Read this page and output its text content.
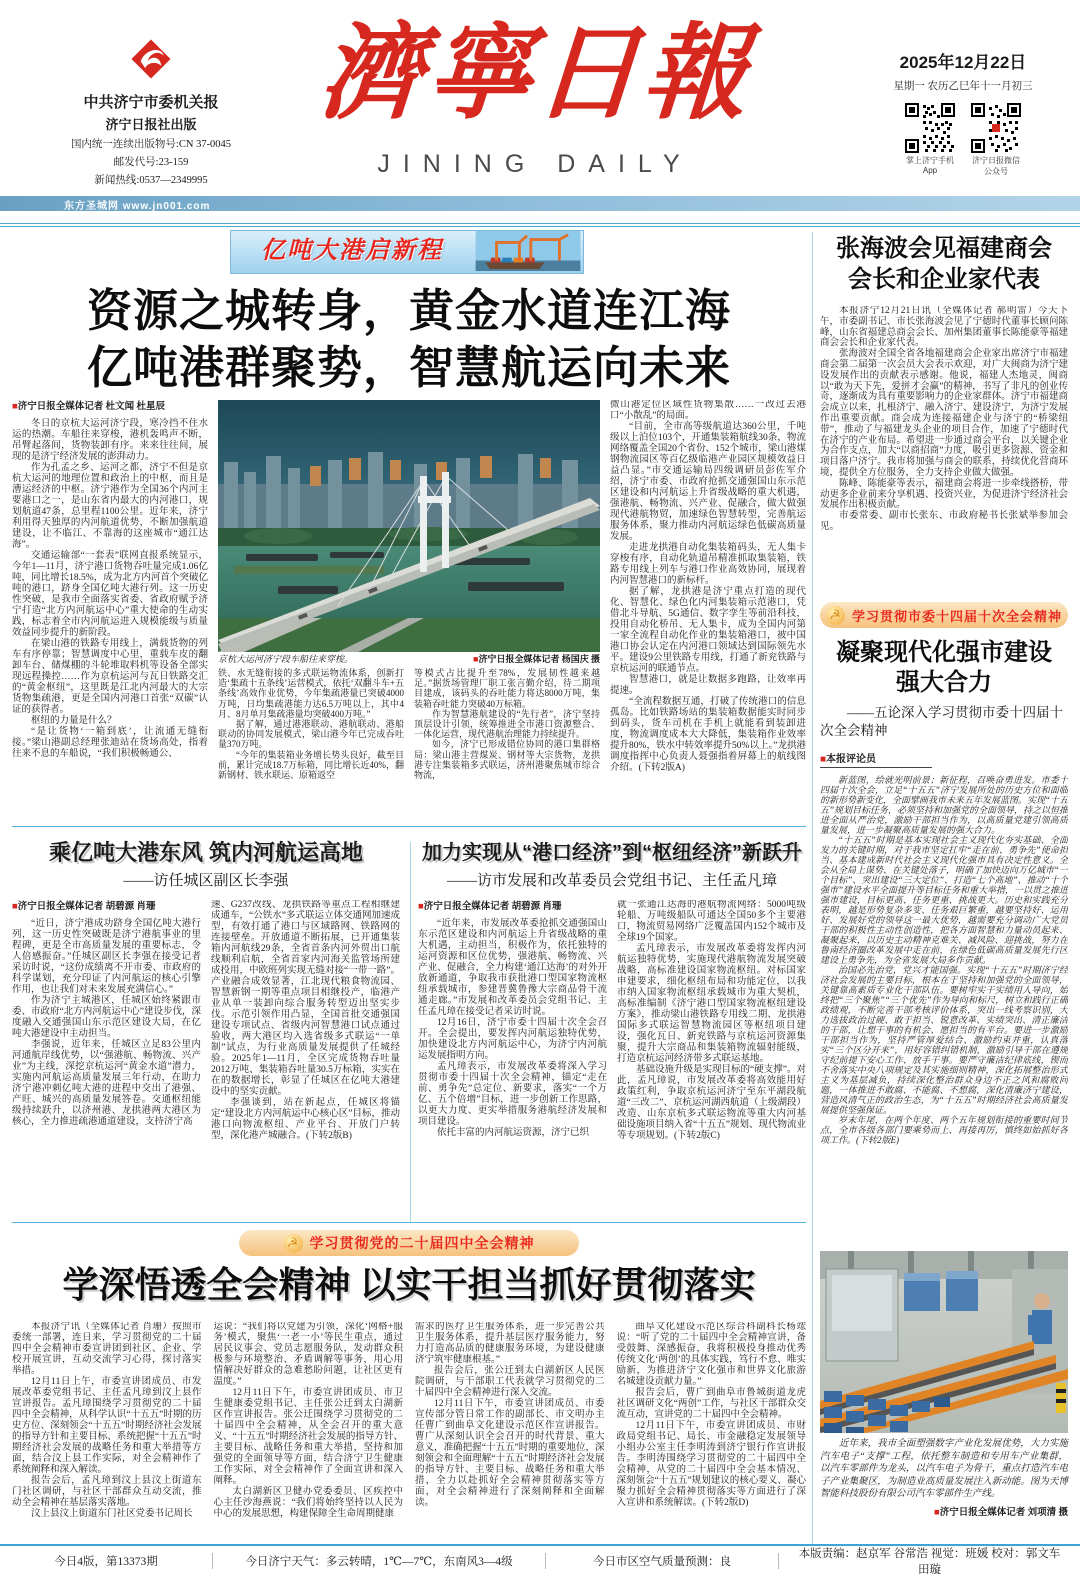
中共济宁市委机关报
济宁日报社出版
国内统一连续出版物号:CN 37-0045
邮发代号:23-159
新闻热线:0537—2349995
濟寧日報
JINING DAILY
2025年12月22日
星期一 农历乙巳年十一月初三
掌上济宁手机App
济宁日报微信公众号
东方圣城网 www.jn001.com
亿吨大港启新程
资源之城转身，黄金水道连江海
亿吨港群聚势，智慧航运向未来
■济宁日报全媒体记者 杜文闻 杜星辰

冬日的京杭大运河济宁段，寒冷挡不住水运的热潮。车船往来穿梭，港机轰鸣声不断，吊臂起落间，货物装卸有序。来来往往间，展现的是济宁经济发展的澎湃动力。

作为孔孟之乡、运河之都，济宁不但是京杭大运河的地理位置和政治上的中枢，而且是漕运经济的中枢。济宁港作为全国36个内河主要港口之一，是山东省内最大的内河港口，规划航道47条，总里程1100公里。近年来，济宁利用得天独厚的内河航道优势，不断加强航道建设，让不临江、不靠海的这座城市“通江达海”。

交通运输部“一套表”联网直报系统显示，今年1—11月，济宁港口货物吞吐量完成1.06亿吨，同比增长18.5%，成为北方内河首个突破亿吨的港口，跻身全国亿吨大港行列。这一历史性突破，是我市全面落实省委、省政府赋予济宁打造“北方内河航运中心”重大使命的生动实践，标志着全市内河航运进入规模能级与质量效益同步提升的新阶段。

在梁山港的铁路专用线上，满载货物的列车有序停靠；智慧调度中心里，重载车皮的翻卸车台、储煤棚的斗轮堆取料机等设备全部实现远程操控……作为京杭运河与瓦日铁路交汇的“黄金枢纽”，这里既是江北内河最大的大宗货物集疏港，更是全国内河港口首张“双碳”认证的获得者。

枢纽的力量是什么？

“是让货物‘一箱到底’，让流通无缝衔接。”梁山港副总经理张迪站在货场高处，指着往来不息的车船说，“我们积极畅通公、

京杭大运河济宁段车船往来穿梭。	■济宁日报全媒体记者 杨国庆 摄

铁、水无缝衔接的多式联运物流体系，创新打造‘集疏十五条线’运营模式，依托‘双翻斗车+五条线’高效作业优势，今年集疏港量已突破4000万吨，日均集疏港能力达6.5万吨以上，其中4月、8月单月集疏港量均突破400万吨。”

据了解，通过港港联动、港航联动、港船联动的协同发展模式，梁山港今年已完成吞吐量370万吨。

“今年的集装箱业务增长势头良好，截至目前，累计完成18.7万标箱，同比增长近40%，翻新钢材、铁水联运、原箱返空

等模式占比提升至78%，发展韧性越来越足。”据货场管理厂职工张言勤介绍，待二期项目建成，该码头的吞吐能力将达8000万吨，集装箱吞吐能力突破40万标箱。

作为智慧港航建设的“先行者”，济宁坚持顶层设计引领，统筹推进全市港口资源整合、一体化运营，现代港航治理能力持续提升。

如今，济宁已形成错位协同的港口集群格局：梁山港主营煤炭、钢材等大宗货物，龙拱港专注集装箱多式联运，济州港聚焦城市综合物流，

微山港定位区域性货物集散……一改过去港口“小散乱”的局面。

“目前，全市高等级航道达360公里，千吨级以上泊位103个，开通集装箱航线30条，物流网络覆盖全国20个省份、152个城市，梁山港煤钢物流园区等百亿级临港产业园区规模效益日益凸显。”市交通运输局四级调研员彭佐军介绍，济宁市委、市政府抢抓交通强国山东示范区建设和内河航运上升省级战略的重大机遇，强港航、畅物流、兴产业、促融合，做大做强现代港航物贸，加速绿色智慧转型，完善航运服务体系，聚力推动内河航运绿色低碳高质量发展。

走进龙拱港自动化集装箱码头，无人集卡穿梭有序，自动化轨道吊精准抓取集装箱，铁路专用线上列车与港口作业高效协同，展现着内河智慧港口的新标杆。

据了解，龙拱港是济宁重点打造的现代化、智慧化、绿色化内河集装箱示范港口，凭借北斗导航、5G通信、数字孪生等前沿科技，投用自动化桥吊、无人集卡，成为全国内河第一家全流程自动化作业的集装箱港口，被中国港口协会认定在内河港口领域达到国际领先水平。建设9公里铁路专用线，打通了新兖铁路与京杭运河的联通节点。

智慧港口，就是让数据多跑路，让效率再提速。

“全流程数据互通，打破了传统港口的信息孤岛。比如铁路场站的集装箱数据能实时同步到码头，货车司机在手机上就能看到装卸进度，物流调度成本大大降低，集装箱作业效率提升80%，铁水中转效率提升50%以上。”龙拱港调度指挥中心负责人聂强指着屏幕上的航线图介绍。(下转2版A)

乘亿吨大港东风 筑内河航运高地
——访任城区副区长李强
■济宁日报全媒体记者 胡碧源 肖珊

“近日，济宁港成功跻身全国亿吨大港行列，这一历史性突破既是济宁港航事业的里程碑，更是全市高质量发展的重要标志，令人倍感振奋。”任城区副区长李强在接受记者采访时说，“这份成绩离不开市委、市政府的科学谋划，充分印证了内河航运的核心引擎作用，也让我们对未来发展充满信心。”

作为济宁主城港区，任城区始终紧跟市委、市政府“北方内河航运中心”建设步伐，深度融入交通强国山东示范区建设大局，在亿吨大港建设中主动担当。

李强说，近年来，任城区立足83公里内河通航岸线优势，以“强港航、畅物流、兴产业”为主线，深挖京杭运河“黄金水道”潜力，实施内河航运高质量发展三年行动，在助力济宁港冲刺亿吨大港的进程中交出了港强、产旺、城兴的高质量发展答卷。交通枢纽能级持续跃升，以济州港、龙拱港两大港区为核心，全力推进疏港通道建设，支持济宁高

速、G237改线、龙拱铁路等重点工程相继建成通车，“公铁水”多式联运立体交通网加速成型，有效打通了港口与区域路网、铁路网的连接壁垒。开放通道不断拓展，已开通集装箱内河航线29条，全省首条内河外贸出口航线顺利启航，全省首家内河海关监管场所建成投用，中欧班列实现无缝对接“一带一路”。产业融合成效显著，江北现代粮食物流园、智慧新钢一期等重点项目相继投产，临港产业从单一装卸向综合服务转型迈出坚实步伐。示范引领作用凸显，全国首批交通强国建设专项试点、省级内河智慧港口试点通过验收，两大港区均入选省级多式联运“一单制”试点，为行业高质量发展提供了任城经验。2025年1—11月，全区完成货物吞吐量2012万吨、集装箱吞吐量30.5万标箱，实实在在的数据增长，彰显了任城区在亿吨大港建设中的坚实贡献。

李强谈到，站在新起点，任城区将锚定“建设北方内河航运中心核心区”目标，推动港口向物流枢纽、产业平台、开放门户转型，深化港产城融合。(下转2版B)

加力实现从“港口经济”到“枢纽经济”新跃升
——访市发展和改革委员会党组书记、主任孟凡璋
■济宁日报全媒体记者 胡碧源 肖珊

“近年来，市发展改革委抢抓交通强国山东示范区建设和内河航运上升省级战略的重大机遇，主动担当，积极作为，依托独特的运河资源和区位优势，强港航、畅物流、兴产业、促融合，全力构建‘通江达海’的对外开放新通道，争取我市获批港口型国家物流枢纽承载城市，参建晋冀鲁豫大宗商品骨干流通走廊。”市发展和改革委员会党组书记、主任孟凡璋在接受记者采访时说。

12月16日，济宁市委十四届十次全会召开。全会提出，要发挥内河航运独特优势，加快建设北方内河航运中心，为济宁内河航运发展指明方向。

孟凡璋表示，市发展改革委将深入学习贯彻市委十四届十次全会精神，锚定“走在前、勇争先”总定位、新要求，落实“一个万亿、五个倍增”目标，进一步创新工作思路，以更大力度、更实举措服务港航经济发展和项目建设。

依托丰富的内河航运资源，济宁已织

就一张通江达海的港航物流网络：5000吨级轮船、万吨级船队可通达全国50多个主要港口，物流贸易网络广泛覆盖国内152个城市及全球19个国家。

孟凡璋表示，市发展改革委将发挥内河航运独特优势，实施现代港航物流发展突破战略，高标准建设国家物流枢纽。对标国家申建要求，细化枢纽布局和功能定位，以我市纳入国家物流枢纽承载城市为重大契机，高标准编制《济宁港口型国家物流枢纽建设方案》，推动梁山港铁路专用线二期、龙拱港国际多式联运智慧物流园区等枢纽项目建设，强化瓦日、新兖铁路与京杭运河资源集聚，提升大宗商品和集装箱物流辐射能级，打造京杭运河经济带多式联运基地。

基础设施升级是实现目标的“硬支撑”。对此，孟凡璋说，市发展改革委将高效能用好政策红利，争取京杭运河济宁至东平湖段航道“三改二”、京杭运河湖西航道（上级湖段）改造、山东京杭多式联运物流等重大内河基础设施项目纳入省“十五五”规划、现代物流业等专项规划。(下转2版C)

☭ 学习贯彻党的二十届四中全会精神
学深悟透全会精神 以实干担当抓好贯彻落实

本报济宁讯（全媒体记者 肖珊）按照市委统一部署，连日来，学习贯彻党的二十届四中全会精神市委宣讲团到社区、企业、学校开展宣讲，互动交流学习心得，探讨落实举措。

12月11日上午，市委宣讲团成员、市发展改革委党组书记、主任孟凡璋到汶上县作宣讲报告。孟凡璋围绕学习贯彻党的二十届四中全会精神，从科学认识“十五五”时期的历史方位、深刻领会“十五五”时期经济社会发展的指导方针和主要目标、系统把握“十五五”时期经济社会发展的战略任务和重大举措等方面，结合汶上县工作实际，对全会精神作了系统阐释和深入解读。

报告会后，孟凡璋到汶上县汶上街道东门社区调研，与社区干部群众互动交流，推动全会精神在基层落实落地。

汶上县汶上街道东门社区党委书记周长

运说：“我们将以党建为引领，深化‘网格+服务’模式，聚焦‘一老一小’等民生重点，通过居民议事会、党员志愿服务队，发动群众积极参与环境整治、矛盾调解等事务，用心用情解决好群众的急难愁盼问题，让社区更有温度。”

12月11日下午，市委宣讲团成员、市卫生健康委党组书记、主任张公迁到太白湖新区作宣讲报告。张公迁围绕学习贯彻党的二十届四中全会精神，从全会召开的重大意义、“十五五”时期经济社会发展的指导方针、主要目标、战略任务和重大举措，坚持和加强党的全面领导等方面，结合济宁卫生健康工作实际，对全会精神作了全面宣讲和深入阐释。

太白湖新区卫健办党委委员、区疾控中心主任沙海燕说：“我们将始终坚持以人民为中心的发展思想，构建保障全生命周期健康

需求的医疗卫生服务体系，进一步完善公共卫生服务体系，提升基层医疗服务能力，努力打造高品质的健康服务环境，为建设健康济宁筑牢健康根基。”

报告会后，张公迁到太白湖新区人民医院调研，与干部职工代表就学习贯彻党的二十届四中全会精神进行深入交流。

12月11日下午，市委宣讲团成员、市委宣传部分管日常工作的副部长、市文明办主任曹广到曲阜文化建设示范区作宣讲报告。曹广从深刻认识全会召开的时代背景、重大意义，准确把握“十五五”时期的重要地位，深刻领会和全面理解“十五五”时期经济社会发展的指导方针、主要目标、战略任务和重大举措，全力以赴抓好全会精神贯彻落实等方面，对全会精神进行了深刻阐释和全面解读。

曲阜文化建设示范区综合科副科长杨竤说：“听了党的二十届四中全会精神宣讲，备受鼓舞、深感振奋，我将积极投身推动优秀传统文化‘两创’的具体实践，笃行不怠、唯实励新，为推进济宁文化强市和世界文化旅游名城建设贡献力量。”

报告会后，曹广到曲阜市鲁城街道龙虎社区调研文化“两创”工作，与社区干部群众交流互动，宣讲党的二十届四中全会精神。

12月11日下午，市委宣讲团成员、市财政局党组书记、局长、市金融稳定发展领导小组办公室主任李明涛到济宁银行作宣讲报告。李明涛围绕学习贯彻党的二十届四中全会精神，从党的二十届四中全会基本情况、深刻领会“十五五”规划建议的核心要义、凝心聚力抓好全会精神贯彻落实等方面进行了深入宣讲和系统解读。(下转2版D)

张海波会见福建商会
会长和企业家代表

本报济宁12月21日讯（全媒体记者 郝明雷）今天下午，市委副书记、市长张海波会见了宁德时代董事长顾问陈峰，山东省福建总商会会长、加州集团董事长陈能豪等福建商会会长和企业家代表。

张海波对全国全省各地福建商会企业家出席济宁市福建商会第二届第一次会员大会表示欢迎，对广大闽商为济宁建设发展作出的贡献表示感谢。他说，福建人杰地灵，闽商以“敢为天下先，爱拼才会赢”的精神，书写了非凡的创业传奇，逐渐成为具有重要影响力的企业家群体。济宁市福建商会成立以来，扎根济宁、融入济宁、建设济宁，为济宁发展作出重要贡献。商会成为连接福建企业与济宁的“桥梁纽带”，推动了与福建龙头企业的项目合作，加速了宁德时代在济宁的产业布局。希望进一步通过商会平台，以关键企业为合作支点，加大“以商招商”力度，吸引更多资源、资金和项目落户济宁。我市将加强与商会的联系，持续优化营商环境，提供全方位服务，全力支持企业做大做强。

陈峰、陈能豪等表示，福建商会将进一步牵线搭桥，带动更多企业前来分享机遇、投资兴业，为促进济宁经济社会发展作出积极贡献。

市委常委、副市长张东、市政府秘书长张斌举参加会见。

☭ 学习贯彻市委十四届十次全会精神
凝聚现代化强市建设
强大合力
——五论深入学习贯彻市委十四届十次全会精神
■本报评论员

新蓝图，绘就光明前景；新征程，召唤奋勇进发。市委十四届十次全会，立足“十五五”济宁发展所处的历史方位和面临的新形势新变化，全面擘画我市未来五年发展蓝图。实现“十五五”规划目标任务，必须坚持和加强党的全面领导，持之以恒推进全面从严治党，激励干部担当作为，以高质量党建引领高质量发展，进一步凝聚高质量发展的强大合力。

“十五五”时期是基本实现社会主义现代化夯实基础、全面发力的关键时期，对于我市坚定扛牢“走在前、勇争先”使命担当、基本建成新时代社会主义现代化强市具有决定性意义。全会从全局上谋势、在关键处落子，明确了加快迈向万亿城市“一个目标”、突出建设“三大定位”、打造“七个高地”、推动“十个强市”建设水平全面提升等目标任务和重大举措，一以贯之推进强市建设，目标更高、任务更重、挑战更大。历史和实践充分表明，越是形势复杂多变、任务艰巨繁重，越要坚持好、运用好、发展好党的领导这一最大优势，越需要充分调动广大党员干部的积极性主动性创造性，把各方面智慧和力量动员起来、凝聚起来，以历史主动精神克难关、减风险、迎挑战，努力在鲁南经济圈改革发展中走在前，在绿色低碳高质量发展先行区建设上勇争先，为全省发展大局多作贡献。

治国必先治党，党兴才能国强。实现“十五五”时期济宁经济社会发展的主要目标，根本在于坚持和加强党的全面领导，关键靠高素质专业化干部队伍。要树牢实干实绩用人导向，始终把“三个聚焦”“三个优先”作为导向和标尺，树立和践行正确政绩观，不断完善干部考核评价体系，突出一线考察识别，大力选拔政治过硬、敢于担当、锐意改革、实绩突出、清正廉洁的干部，让想干事的有机会、愿担当的有平台。要进一步激励干部担当作为，坚持严管厚爱结合、激励约束并重，认真落实“三个区分开来”，用好容错纠错机制，激励引导干部在遵规守纪前提下安心工作、放手干事。要严守廉洁纪律底线，锲而不舍落实中央八项规定及其实施细则精神，深化拓展整治形式主义为基层减负，持续深化整治群众身边不正之风和腐败问题，一体推进不敢腐、不能腐、不想腐，深化清廉济宁建设，营造风清气正的政治生态，为“十五五”时期经济社会高质量发展提供坚强保证。

岁末年尾，在两个年度、两个五年规划衔接的重要时间节点，全市各级各部门要乘势而上、再接再厉，慎终如始抓好各项工作。(下转2版E)

近年来，我市全面塑强数字产业化发展优势，大力实施汽车电子“支撑”工程，依托整车制造和专用车产业集群，以汽车零部件为龙头，以汽车电子为骨干，重点打造汽车电子产业集聚区，为制造业高质量发展注入新动能。图为天博智能科技股份有限公司汽车零部件生产线。
■济宁日报全媒体记者 刘项清 摄
今日4版，第13373期	今日济宁天气：多云转晴，1℃—7℃，东南风3—4级	今日市区空气质量预测：良
本版责编：赵京军 谷常浩 视觉：班媛 校对：郭文车 田璇
